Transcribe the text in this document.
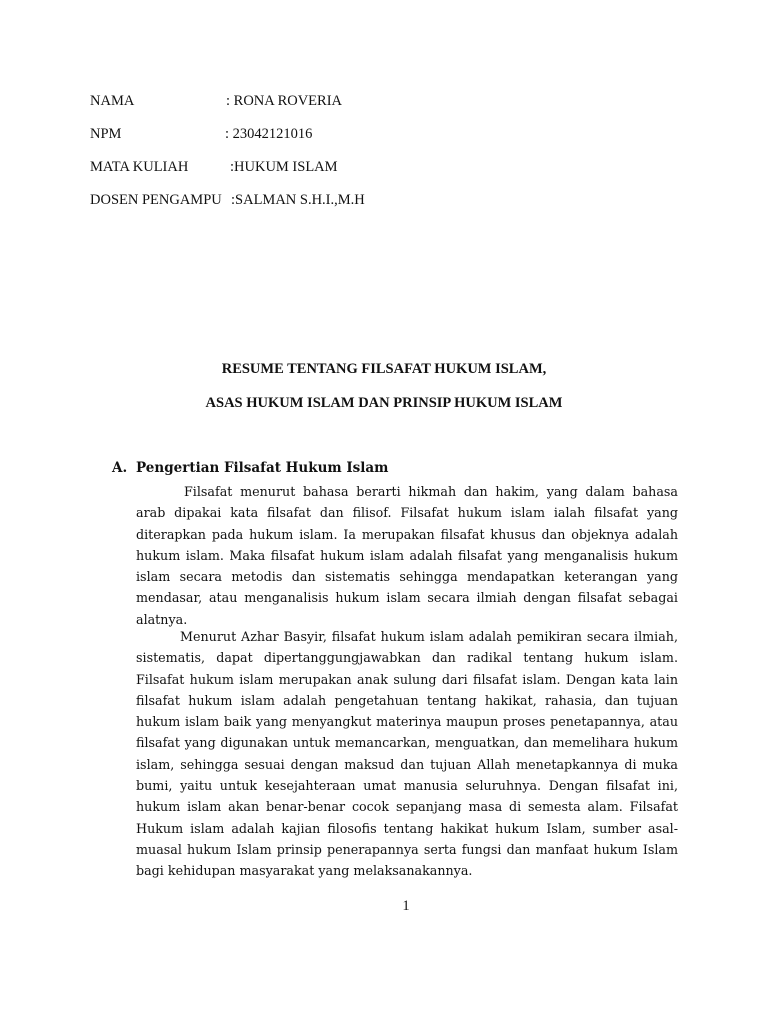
NAMA	: RONA ROVERIA
NPM	: 23042121016
MATA KULIAH	:HUKUM ISLAM
DOSEN PENGAMPU :SALMAN S.H.I.,M.H
RESUME TENTANG FILSAFAT HUKUM ISLAM,
ASAS HUKUM ISLAM DAN PRINSIP HUKUM ISLAM
A. Pengertian Filsafat Hukum Islam
Filsafat menurut bahasa berarti hikmah dan hakim, yang dalam bahasa arab dipakai kata filsafat dan filisof. Filsafat hukum islam ialah filsafat yang diterapkan pada hukum islam. Ia merupakan filsafat khusus dan objeknya adalah hukum islam. Maka filsafat hukum islam adalah filsafat yang menganalisis hukum islam secara metodis dan sistematis sehingga mendapatkan keterangan yang mendasar, atau menganalisis hukum islam secara ilmiah dengan filsafat sebagai alatnya.
Menurut Azhar Basyir, filsafat hukum islam adalah pemikiran secara ilmiah, sistematis, dapat dipertanggungjawabkan dan radikal tentang hukum islam. Filsafat hukum islam merupakan anak sulung dari filsafat islam. Dengan kata lain filsafat hukum islam adalah pengetahuan tentang hakikat, rahasia, dan tujuan hukum islam baik yang menyangkut materinya maupun proses penetapannya, atau filsafat yang digunakan untuk memancarkan, menguatkan, dan memelihara hukum islam, sehingga sesuai dengan maksud dan tujuan Allah menetapkannya di muka bumi, yaitu untuk kesejahteraan umat manusia seluruhnya. Dengan filsafat ini, hukum islam akan benar-benar cocok sepanjang masa di semesta alam. Filsafat Hukum islam adalah kajian filosofis tentang hakikat hukum Islam, sumber asal-muasal hukum Islam prinsip penerapannya serta fungsi dan manfaat hukum Islam bagi kehidupan masyarakat yang melaksanakannya.
1
